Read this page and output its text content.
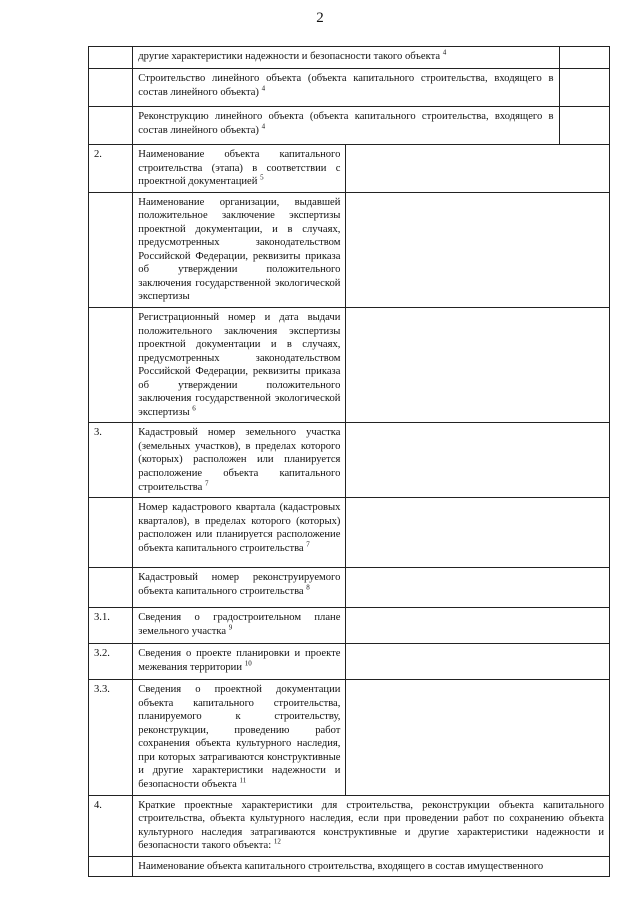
2
	другие характеристики надежности и безопасности такого объекта $^4$	
	Строительство линейного объекта (объекта капитального строительства, входящего в состав линейного объекта) $^4$	
	Реконструкцию линейного объекта (объекта капитального строительства, входящего в состав линейного объекта) $^4$	
2.	Наименование объекта капитального строительства (этапа) в соответствии с проектной документацией $^5$	
	Наименование организации, выдавшей положительное заключение экспертизы проектной документации, и в случаях, предусмотренных законодательством Российской Федерации, реквизиты приказа об утверждении положительного заключения государственной экологической экспертизы		
	Регистрационный номер и дата выдачи положительного заключения экспертизы проектной документации и в случаях, предусмотренных законодательством Российской Федерации, реквизиты приказа об утверждении положительного заключения государственной экологической экспертизы $^6$	
3.	Кадастровый номер земельного участка (земельных участков), в пределах которого (которых) расположен или планируется расположение объекта капитального строительства $^7$	
	Номер кадастрового квартала (кадастровых кварталов), в пределах которого (которых) расположен или планируется расположение объекта капитального строительства $^7$	
	Кадастровый номер реконструируемого объекта капитального строительства $^8$	
3.1.	Сведения о градостроительном плане земельного участка $^9$	
3.2.	Сведения о проекте планировки и проекте межевания территории $^{10}$	
3.3.	Сведения о проектной документации объекта капитального строительства, планируемого к строительству, реконструкции, проведению работ сохранения объекта культурного наследия, при которых затрагиваются конструктивные и другие характеристики надежности и безопасности объекта $^{11}$	
4.	Краткие проектные характеристики для строительства, реконструкции объекта капитального строительства, объекта культурного наследия, если при проведении работ по сохранению объекта культурного наследия затрагиваются конструктивные и другие характеристики надежности и безопасности такого объекта: $^{12}$
	Наименование объекта капитального строительства, входящего в состав имущественного		
